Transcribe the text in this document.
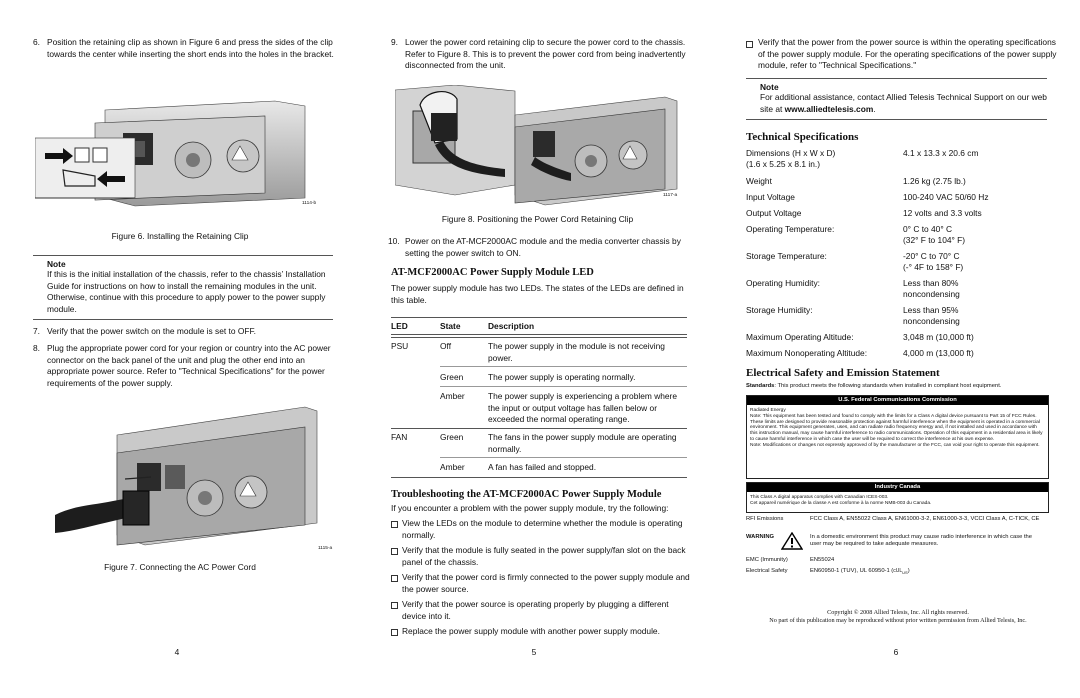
6. Position the retaining clip as shown in Figure 6 and press the sides of the clip towards the center while inserting the short ends into the holes in the bracket.
1114-b
Figure 6. Installing the Retaining Clip
Note
If this is the initial installation of the chassis, refer to the chassis’ Installation Guide for instructions on how to install the remaining modules in the unit. Otherwise, continue with this procedure to apply power to the power supply module.
7. Verify that the power switch on the module is set to OFF.
8. Plug the appropriate power cord for your region or country into the AC power connector on the back panel of the unit and plug the other end into an appropriate power source. Refer to "Technical Specifications" for the power requirements of the power supply.
1115-a
Figure 7. Connecting the AC Power Cord
4
9. Lower the power cord retaining clip to secure the power cord to the chassis. Refer to Figure 8. This is to prevent the power cord from being inadvertently disconnected from the unit.
1117-a
Figure 8. Positioning the Power Cord Retaining Clip
10. Power on the AT-MCF2000AC module and the media converter chassis by setting the power switch to ON.
AT-MCF2000AC Power Supply Module LED
The power supply module has two LEDs. The states of the LEDs are defined in this table.
LED	State	Description
PSU	Off	The power supply in the module is not receiving power.
Green	The power supply is operating normally.
Amber	The power supply is experiencing a problem where the input or output voltage has fallen below or exceeded the normal operating range.
FAN	Green	The fans in the power supply module are operating normally.
Amber	A fan has failed and stopped.
Troubleshooting the AT-MCF2000AC Power Supply Module
If you encounter a problem with the power supply module, try the following:
View the LEDs on the module to determine whether the module is operating normally.
Verify that the module is fully seated in the power supply/fan slot on the back panel of the chassis.
Verify that the power cord is firmly connected to the power supply module and the power source.
Verify that the power source is operating properly by plugging a different device into it.
Replace the power supply module with another power supply module.
5
Verify that the power from the power source is within the operating specifications of the power supply module. For the operating specifications of the power supply module, refer to "Technical Specifications."
Note
For additional assistance, contact Allied Telesis Technical Support on our web site at www.alliedtelesis.com.
Technical Specifications
Dimensions (H x W x D)	4.1 x 13.3 x 20.6 cm
(1.6 x 5.25 x 8.1 in.)
Weight	1.26 kg (2.75 lb.)
Input Voltage	100-240 VAC 50/60 Hz
Output Voltage	12 volts and 3.3 volts
Operating Temperature:	0° C to 40° C
(32° F to 104° F)
Storage Temperature:	-20° C to 70° C
(-° 4F to 158° F)
Operating Humidity:	Less than 80%
noncondensing
Storage Humidity:	Less than 95%
noncondensing
Maximum Operating Altitude:	3,048 m (10,000 ft)
Maximum Nonoperating Altitude:	4,000 m (13,000 ft)
Electrical Safety and Emission Statement
Standards: This product meets the following standards when installed in compliant host equipment.
U.S. Federal Communications Commission
Radiated Energy
Note: This equipment has been tested and found to comply with the limits for a Class A digital device pursuant to Part 15 of FCC Rules. These limits are designed to provide reasonable protection against harmful interference when the equipment is operated in a commercial environment. This equipment generates, uses, and can radiate radio frequency energy and, if not installed and used in accordance with this instruction manual, may cause harmful interference to radio communications. Operation of this equipment in a residential area is likely to cause harmful interference in which case the user will be required to correct the interference at his own expense.
Note: Modifications or changes not expressly approved of by the manufacturer or the FCC, can void your right to operate this equipment.
Industry Canada
This Class A digital apparatus complies with Canadian ICES-003.
Cet appareil numérique de la classe A est conforme à la norme NMB-003 du Canada.
RFI Emissions	FCC Class A, EN55022 Class A, EN61000-3-2, EN61000-3-3, VCCI Class A, C-TICK, CE
WARNING	In a domestic environment this product may cause radio interference in which case the user may be required to take adequate measures.
EMC (Immunity)	EN55024
Electrical Safety	EN60950-1 (TUV), UL 60950-1 (cUL$_{US}$)
Copyright © 2008 Allied Telesis, Inc. All rights reserved.
No part of this publication may be reproduced without prior written permission from Allied Telesis, Inc.
6
